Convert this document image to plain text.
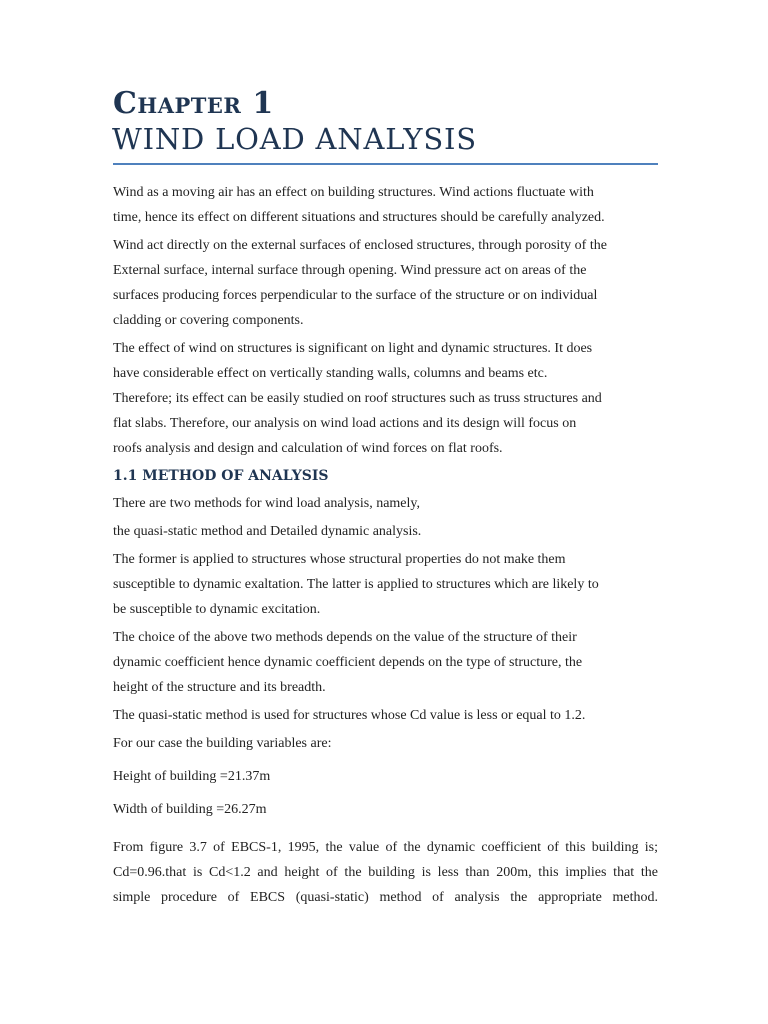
Chapter 1
WIND LOAD ANALYSIS
Wind as a moving air has an effect on building structures. Wind actions fluctuate with
time, hence its effect on different situations and structures should be carefully analyzed.
Wind act directly on the external surfaces of enclosed structures, through porosity of the
External surface, internal surface through opening. Wind pressure act on areas of the
surfaces producing forces perpendicular to the surface of the structure or on individual
cladding or covering components.
The effect of wind on structures is significant on light and dynamic structures. It does
have considerable effect on vertically standing walls, columns and beams etc.
Therefore; its effect can be easily studied on roof structures such as truss structures and
flat slabs. Therefore, our analysis on wind load actions and its design will focus on
roofs analysis and design and calculation of wind forces on flat roofs.
1.1 METHOD OF ANALYSIS
There are two methods for wind load analysis, namely,
the quasi-static method and Detailed dynamic analysis.
The former is applied to structures whose structural properties do not make them
susceptible to dynamic exaltation. The latter is applied to structures which are likely to
be susceptible to dynamic excitation.
The choice of the above two methods depends on the value of the structure of their
dynamic coefficient hence dynamic coefficient depends on the type of structure, the
height of the structure and its breadth.
The quasi-static method is used for structures whose Cd value is less or equal to 1.2.
For our case the building variables are:
Height of building =21.37m
Width of building =26.27m
From figure 3.7 of EBCS-1, 1995, the value of the dynamic coefficient of this building is;
Cd=0.96.that is Cd<1.2 and height of the building is less than 200m, this implies that the
simple procedure of EBCS (quasi-static) method of analysis the appropriate method.
